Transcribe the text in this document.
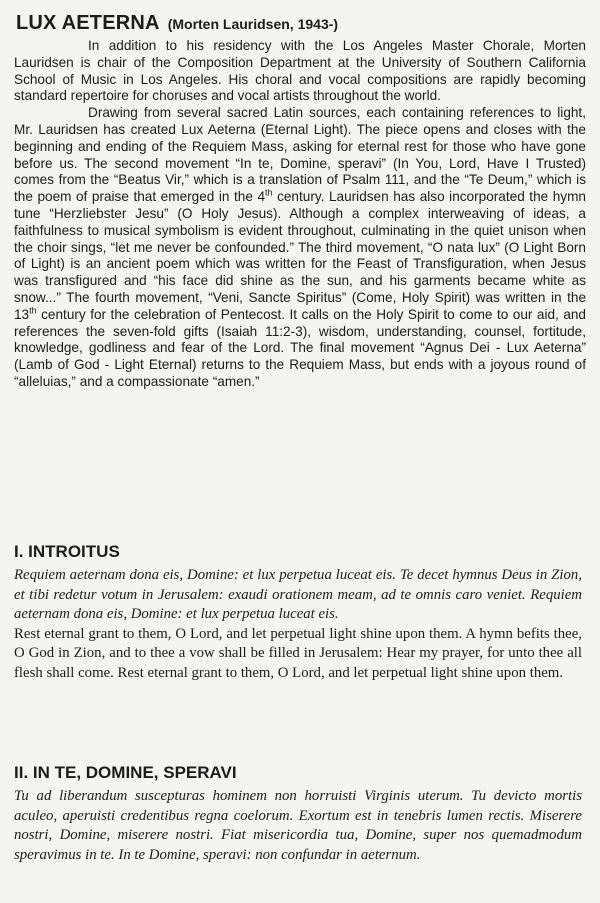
LUX AETERNA (Morten Lauridsen, 1943-)

In addition to his residency with the Los Angeles Master Chorale, Morten Lauridsen is chair of the Composition Department at the University of Southern California School of Music in Los Angeles. His choral and vocal compositions are rapidly becoming standard repertoire for choruses and vocal artists throughout the world.

Drawing from several sacred Latin sources, each containing references to light, Mr. Lauridsen has created Lux Aeterna (Eternal Light). The piece opens and closes with the beginning and ending of the Requiem Mass, asking for eternal rest for those who have gone before us. The second movement “In te, Domine, speravi” (In You, Lord, Have I Trusted) comes from the “Beatus Vir,” which is a translation of Psalm 111, and the “Te Deum,” which is the poem of praise that emerged in the 4th century. Lauridsen has also incorporated the hymn tune “Herzliebster Jesu” (O Holy Jesus). Although a complex interweaving of ideas, a faithfulness to musical symbolism is evident throughout, culminating in the quiet unison when the choir sings, “let me never be confounded.” The third movement, “O nata lux” (O Light Born of Light) is an ancient poem which was written for the Feast of Transfiguration, when Jesus was transfigured and “his face did shine as the sun, and his garments became white as snow...” The fourth movement, “Veni, Sancte Spiritus” (Come, Holy Spirit) was written in the 13th century for the celebration of Pentecost. It calls on the Holy Spirit to come to our aid, and references the seven-fold gifts (Isaiah 11:2-3), wisdom, understanding, counsel, fortitude, knowledge, godliness and fear of the Lord. The final movement “Agnus Dei - Lux Aeterna” (Lamb of God - Light Eternal) returns to the Requiem Mass, but ends with a joyous round of “alleluias,” and a compassionate “amen.”

I. INTROITUS

Requiem aeternam dona eis, Domine: et lux perpetua luceat eis. Te decet hymnus Deus in Zion, et tibi redetur votum in Jerusalem: exaudi orationem meam, ad te omnis caro veniet. Requiem aeternam dona eis, Domine: et lux perpetua luceat eis.

Rest eternal grant to them, O Lord, and let perpetual light shine upon them. A hymn befits thee, O God in Zion, and to thee a vow shall be filled in Jerusalem: Hear my prayer, for unto thee all flesh shall come. Rest eternal grant to them, O Lord, and let perpetual light shine upon them.

II. IN TE, DOMINE, SPERAVI

Tu ad liberandum suscepturas hominem non horruisti Virginis uterum. Tu devicto mortis aculeo, aperuisti credentibus regna coelorum. Exortum est in tenebris lumen rectis. Miserere nostri, Domine, miserere nostri. Fiat misericordia tua, Domine, super nos quemadmodum speravimus in te. In te Domine, speravi: non confundar in aeternum.
